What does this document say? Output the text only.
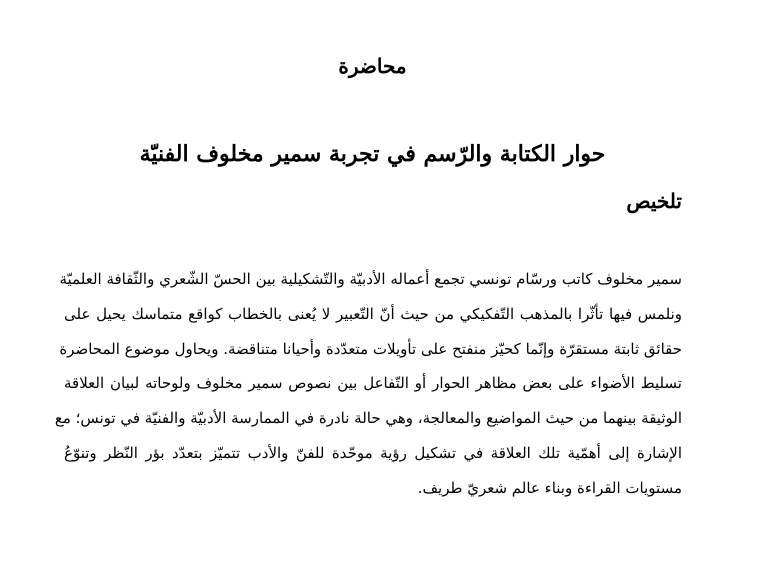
محاضرة
حوار الكتابة والرّسم في تجربة سمير مخلوف الفنيّة
تلخيص

سمير مخلوف كاتب ورسّام تونسي تجمع أعماله الأدبيّة والتّشكيلية بين الحسّ الشّعري والثّقافة العلميّة
ونلمس فيها تأثّرا بالمذهب التّفكيكي من حيث أنّ التّعبير لا يُعنى بالخطاب كواقع متماسك يحيل على
حقائق ثابتة مستقرّة وإنّما كحيّز منفتح على تأويلات متعدّدة وأحيانا متناقضة. ويحاول موضوع المحاضرة
تسليط الأضواء على بعض مظاهر الحوار أو التّفاعل بين نصوص سمير مخلوف ولوحاته لبيان العلاقة
الوثيقة بينهما من حيث المواضيع والمعالجة، وهي حالة نادرة في الممارسة الأدبيّة والفنيّة في تونس؛ مع
الإشارة إلى أهمّية تلك العلاقة في تشكيل رؤية موحّدة للفنّ والأدب تتميّز بتعدّد بؤر النّظر وتنوّعُ
مستويات القراءة وبناء عالم شعريّ طريف.
